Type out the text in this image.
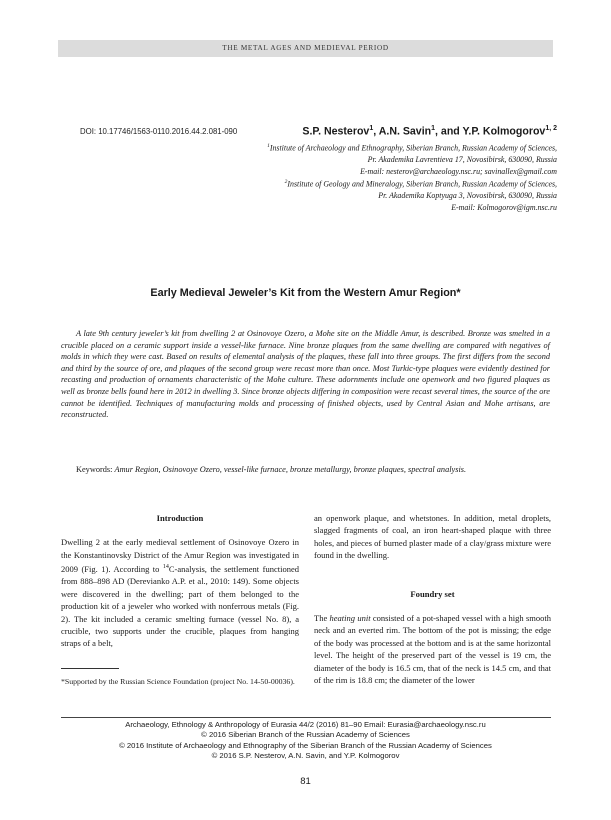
THE METAL AGES AND MEDIEVAL PERIOD
DOI: 10.17746/1563-0110.2016.44.2.081-090	S.P. Nesterov$^1$, A.N. Savin$^1$, and Y.P. Kolmogorov$^{1, 2}$
$^1$Institute of Archaeology and Ethnography, Siberian Branch, Russian Academy of Sciences,
Pr. Akademika Lavrentieva 17, Novosibirsk, 630090, Russia
E-mail: nesterov@archaeology.nsc.ru; savinallex@gmail.com
$^2$Institute of Geology and Mineralogy, Siberian Branch, Russian Academy of Sciences,
Pr. Akademika Koptyuga 3, Novosibirsk, 630090, Russia
E-mail: Kolmogorov@igm.nsc.ru
Early Medieval Jeweler’s Kit from the Western Amur Region*

A late 9th century jeweler’s kit from dwelling 2 at Osinovoye Ozero, a Mohe site on the Middle Amur, is described. Bronze was smelted in a crucible placed on a ceramic support inside a vessel-like furnace. Nine bronze plaques from the same dwelling are compared with negatives of molds in which they were cast. Based on results of elemental analysis of the plaques, these fall into three groups. The first differs from the second and third by the source of ore, and plaques of the second group were recast more than once. Most Turkic-type plaques were evidently destined for recasting and production of ornaments characteristic of the Mohe culture. These adornments include one openwork and two figured plaques as well as bronze bells found here in 2012 in dwelling 3. Since bronze objects differing in composition were recast several times, the source of the ore cannot be identified. Techniques of manufacturing molds and processing of finished objects, used by Central Asian and Mohe artisans, are reconstructed.

Keywords: Amur Region, Osinovoye Ozero, vessel-like furnace, bronze metallurgy, bronze plaques, spectral analysis.

Introduction

Dwelling 2 at the early medieval settlement of Osinovoye Ozero in the Konstantinovsky District of the Amur Region was investigated in 2009 (Fig. 1). According to $^{14}$C-analysis, the settlement functioned from 888–898 AD (Derevianko A.P. et al., 2010: 149). Some objects were discovered in the dwelling; part of them belonged to the production kit of a jeweler who worked with nonferrous metals (Fig. 2). The kit included a ceramic smelting furnace (vessel No. 8), a crucible, two supports under the crucible, plaques from hanging straps of a belt,

an openwork plaque, and whetstones. In addition, metal droplets, slagged fragments of coal, an iron heart-shaped plaque with three holes, and pieces of burned plaster made of a clay/grass mixture were found in the dwelling.

Foundry set

The heating unit consisted of a pot-shaped vessel with a high smooth neck and an everted rim. The bottom of the pot is missing; the edge of the body was processed at the bottom and is at the same horizontal level. The height of the preserved part of the vessel is 19 cm, the diameter of the body is 16.5 cm, that of the neck is 14.5 cm, and that of the rim is 18.8 cm; the diameter of the lower

*Supported by the Russian Science Foundation (project No. 14-50-00036).

Archaeology, Ethnology & Anthropology of Eurasia 44/2 (2016) 81–90 Email: Eurasia@archaeology.nsc.ru
© 2016 Siberian Branch of the Russian Academy of Sciences
© 2016 Institute of Archaeology and Ethnography of the Siberian Branch of the Russian Academy of Sciences
© 2016 S.P. Nesterov, A.N. Savin, and Y.P. Kolmogorov
81
